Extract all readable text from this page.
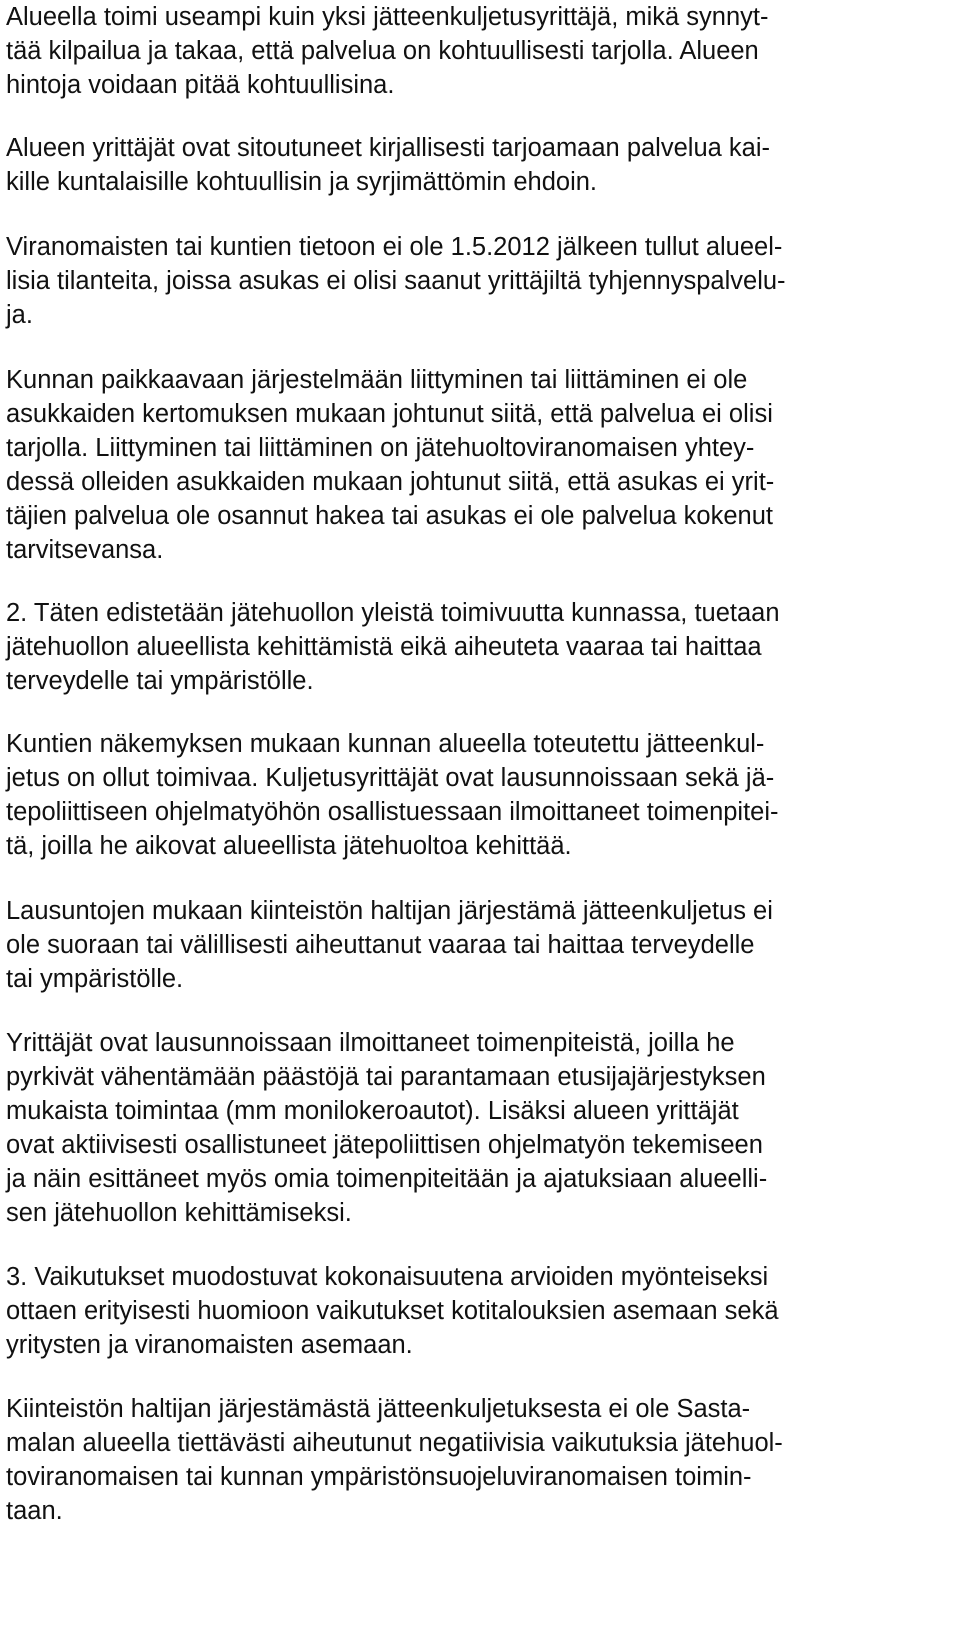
Alueella toimi useampi kuin yksi jätteenkuljetusyrittäjä, mikä synnyt-

tää kilpailua ja takaa, että palvelua on kohtuullisesti tarjolla. Alueen

hintoja voidaan pitää kohtuullisina.

Alueen yrittäjät ovat sitoutuneet kirjallisesti tarjoamaan palvelua kai-

kille kuntalaisille kohtuullisin ja syrjimättömin ehdoin.

Viranomaisten tai kuntien tietoon ei ole 1.5.2012 jälkeen tullut alueel-

lisia tilanteita, joissa asukas ei olisi saanut yrittäjiltä tyhjennyspalvelu-

ja.

Kunnan paikkaavaan järjestelmään liittyminen tai liittäminen ei ole

asukkaiden kertomuksen mukaan johtunut siitä, että palvelua ei olisi

tarjolla. Liittyminen tai liittäminen on jätehuoltoviranomaisen yhtey-

dessä olleiden asukkaiden mukaan johtunut siitä, että asukas ei yrit-

täjien palvelua ole osannut hakea tai asukas ei ole palvelua kokenut

tarvitsevansa.

2. Täten edistetään jätehuollon yleistä toimivuutta kunnassa, tuetaan

jätehuollon alueellista kehittämistä eikä aiheuteta vaaraa tai haittaa

terveydelle tai ympäristölle.

Kuntien näkemyksen mukaan kunnan alueella toteutettu jätteenkul-

jetus on ollut toimivaa. Kuljetusyrittäjät ovat lausunnoissaan sekä jä-

tepoliittiseen ohjelmatyöhön osallistuessaan ilmoittaneet toimenpitei-

tä, joilla he aikovat alueellista jätehuoltoa kehittää.

Lausuntojen mukaan kiinteistön haltijan järjestämä jätteenkuljetus ei

ole suoraan tai välillisesti aiheuttanut vaaraa tai haittaa terveydelle

tai ympäristölle.

Yrittäjät ovat lausunnoissaan ilmoittaneet toimenpiteistä, joilla he

pyrkivät vähentämään päästöjä tai parantamaan etusijajärjestyksen

mukaista toimintaa (mm monilokeroautot). Lisäksi alueen yrittäjät

ovat aktiivisesti osallistuneet jätepoliittisen ohjelmatyön tekemiseen

ja näin esittäneet myös omia toimenpiteitään ja ajatuksiaan alueelli-

sen jätehuollon kehittämiseksi.

3. Vaikutukset muodostuvat kokonaisuutena arvioiden myönteiseksi

ottaen erityisesti huomioon vaikutukset kotitalouksien asemaan sekä

yritysten ja viranomaisten asemaan.

Kiinteistön haltijan järjestämästä jätteenkuljetuksesta ei ole Sasta-

malan alueella tiettävästi aiheutunut negatiivisia vaikutuksia jätehuol-

toviranomaisen tai kunnan ympäristönsuojeluviranomaisen toimin-

taan.
